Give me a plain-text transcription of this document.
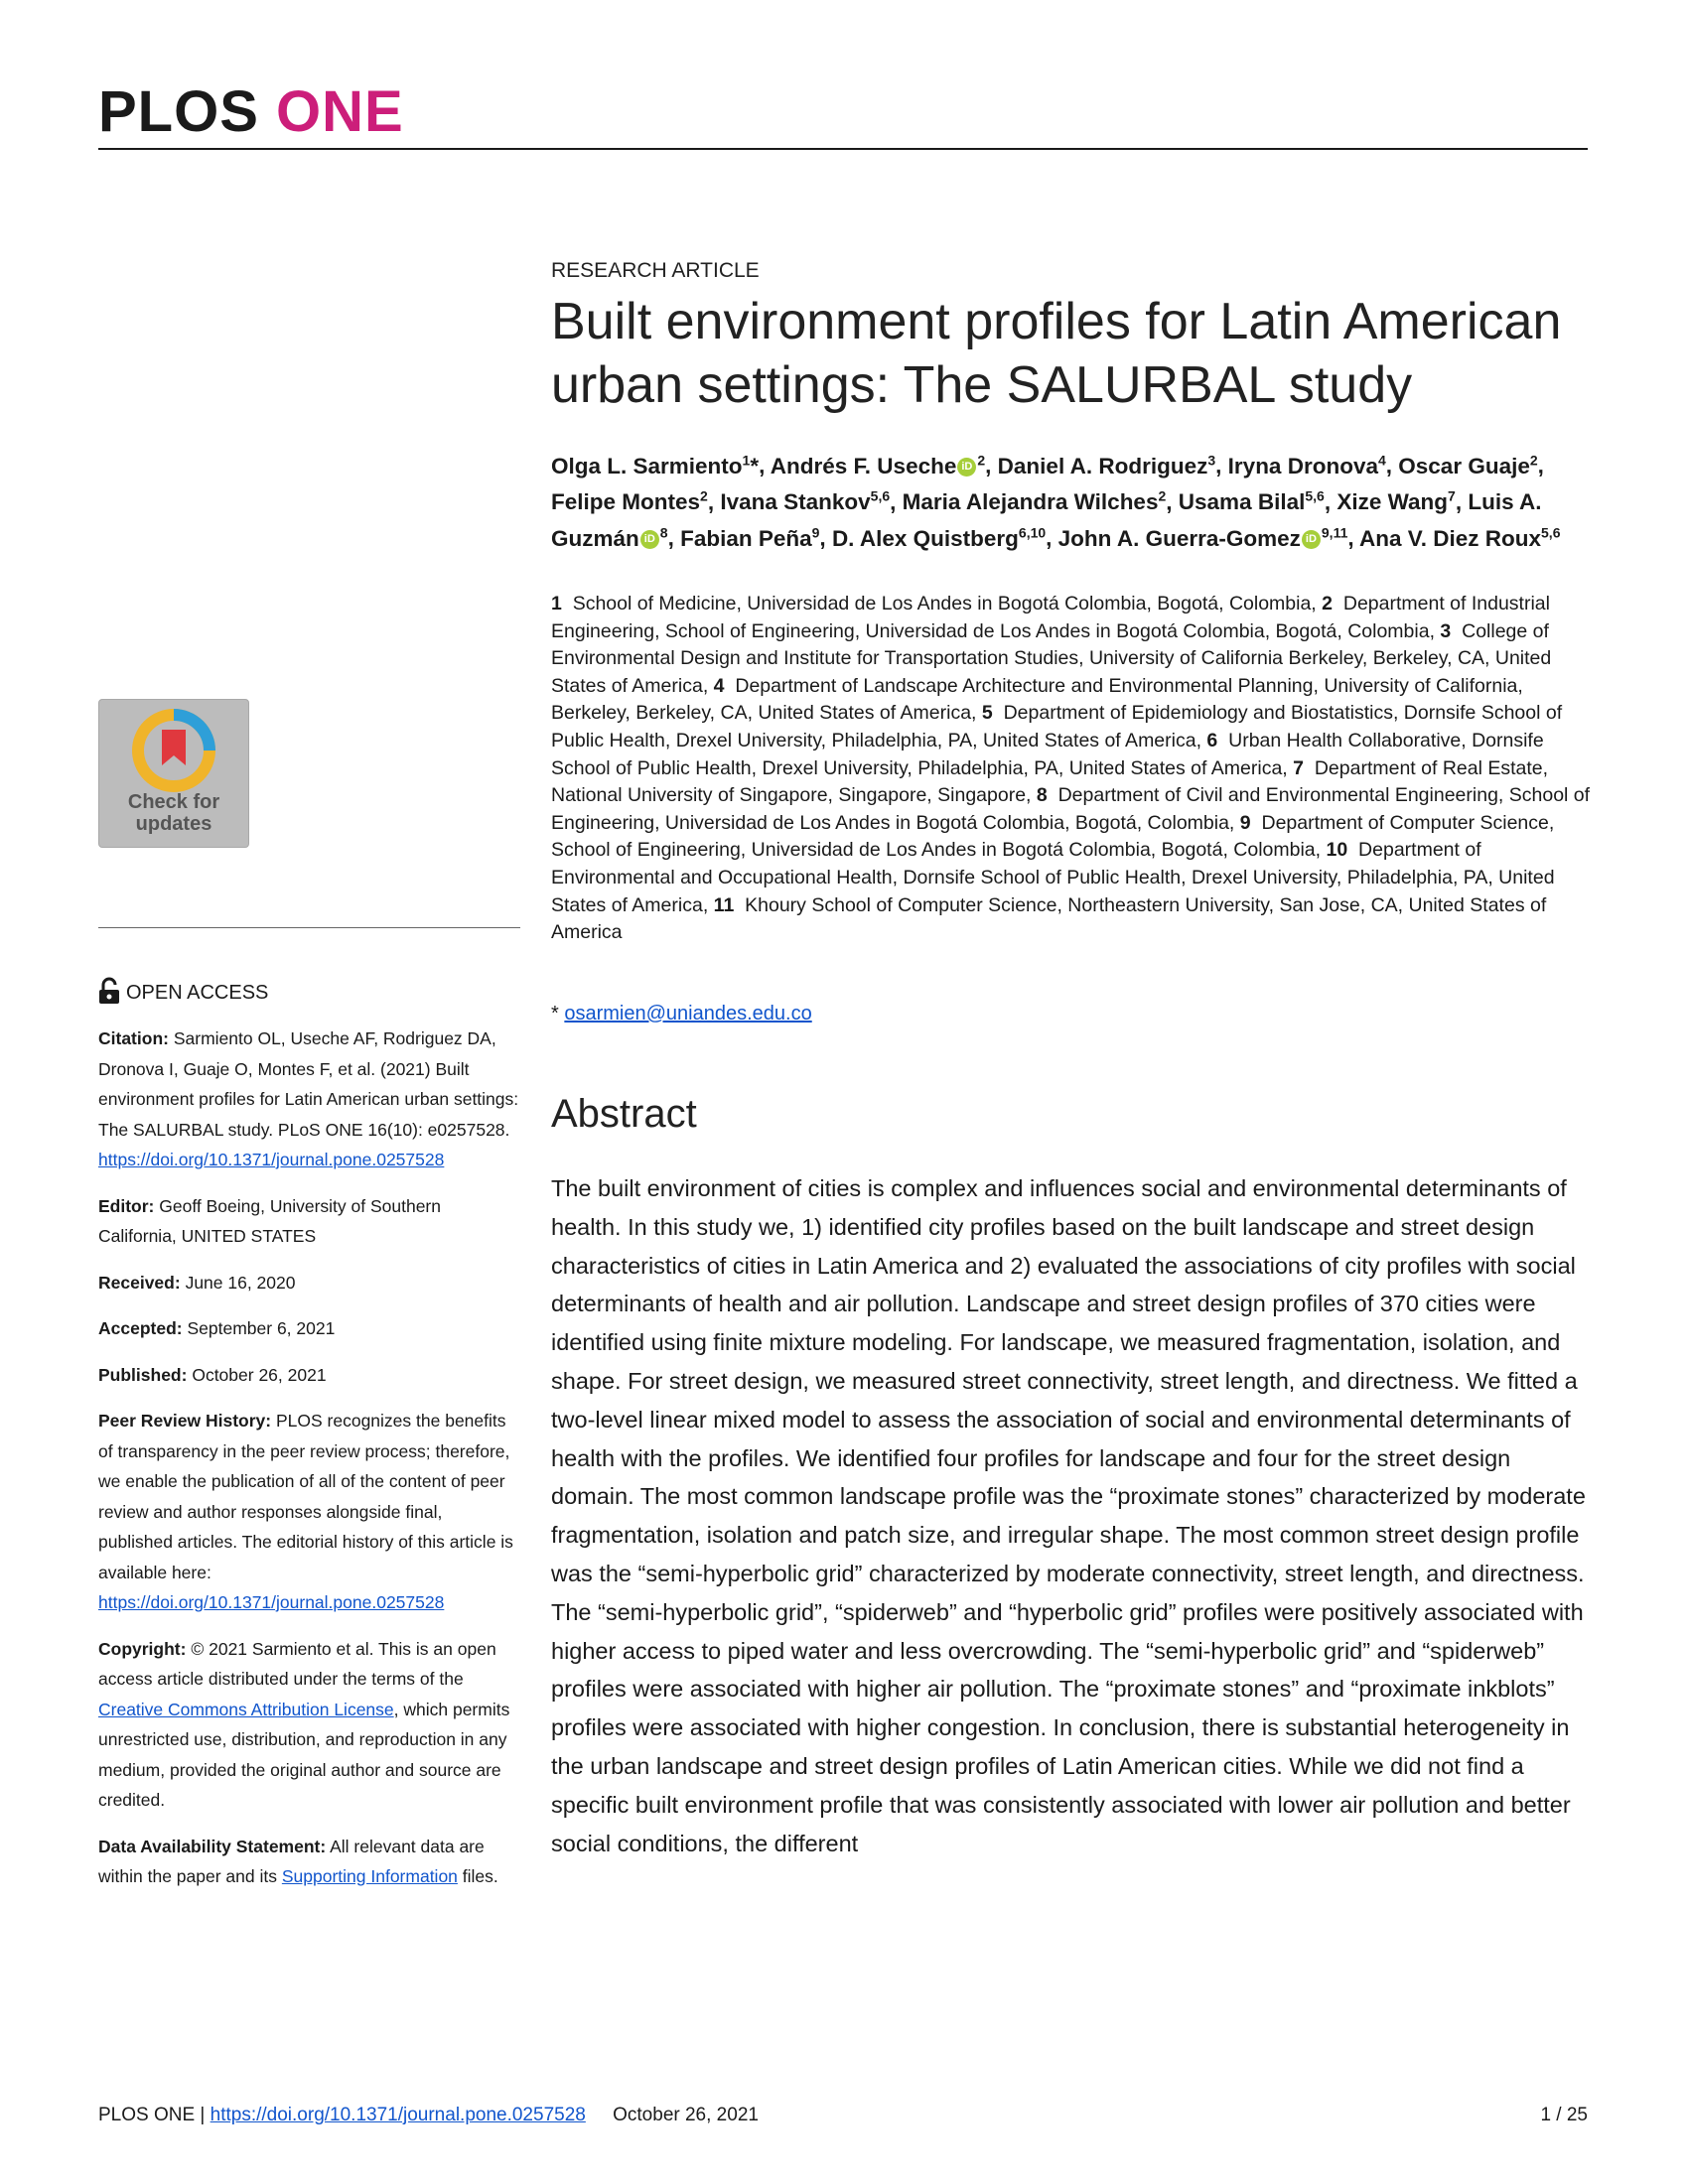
PLOS ONE
RESEARCH ARTICLE
Built environment profiles for Latin American urban settings: The SALURBAL study
Olga L. Sarmiento$^1$*, Andrés F. Useche iD $^2$, Daniel A. Rodriguez$^3$, Iryna Dronova$^4$, Oscar Guaje$^2$, Felipe Montes$^2$, Ivana Stankov$^{5,6}$, Maria Alejandra Wilches$^2$, Usama Bilal$^{5,6}$, Xize Wang$^7$, Luis A. Guzmán iD $^8$, Fabian Peña$^9$, D. Alex Quistberg$^{6,10}$, John A. Guerra-Gomez iD $^{9,11}$, Ana V. Diez Roux$^{5,6}$
1 School of Medicine, Universidad de Los Andes in Bogotá Colombia, Bogotá, Colombia, 2 Department of Industrial Engineering, School of Engineering, Universidad de Los Andes in Bogotá Colombia, Bogotá, Colombia, 3 College of Environmental Design and Institute for Transportation Studies, University of California Berkeley, Berkeley, CA, United States of America, 4 Department of Landscape Architecture and Environmental Planning, University of California, Berkeley, Berkeley, CA, United States of America, 5 Department of Epidemiology and Biostatistics, Dornsife School of Public Health, Drexel University, Philadelphia, PA, United States of America, 6 Urban Health Collaborative, Dornsife School of Public Health, Drexel University, Philadelphia, PA, United States of America, 7 Department of Real Estate, National University of Singapore, Singapore, Singapore, 8 Department of Civil and Environmental Engineering, School of Engineering, Universidad de Los Andes in Bogotá Colombia, Bogotá, Colombia, 9 Department of Computer Science, School of Engineering, Universidad de Los Andes in Bogotá Colombia, Bogotá, Colombia, 10 Department of Environmental and Occupational Health, Dornsife School of Public Health, Drexel University, Philadelphia, PA, United States of America, 11 Khoury School of Computer Science, Northeastern University, San Jose, CA, United States of America
* osarmien@uniandes.edu.co
Abstract

The built environment of cities is complex and influences social and environmental determinants of health. In this study we, 1) identified city profiles based on the built landscape and street design characteristics of cities in Latin America and 2) evaluated the associations of city profiles with social determinants of health and air pollution. Landscape and street design profiles of 370 cities were identified using finite mixture modeling. For landscape, we measured fragmentation, isolation, and shape. For street design, we measured street connectivity, street length, and directness. We fitted a two-level linear mixed model to assess the association of social and environmental determinants of health with the profiles. We identified four profiles for landscape and four for the street design domain. The most common landscape profile was the “proximate stones” characterized by moderate fragmentation, isolation and patch size, and irregular shape. The most common street design profile was the “semi-hyperbolic grid” characterized by moderate connectivity, street length, and directness. The “semi-hyperbolic grid”, “spiderweb” and “hyperbolic grid” profiles were positively associated with higher access to piped water and less overcrowding. The “semi-hyperbolic grid” and “spiderweb” profiles were associated with higher air pollution. The “proximate stones” and “proximate inkblots” profiles were associated with higher congestion. In conclusion, there is substantial heterogeneity in the urban landscape and street design profiles of Latin American cities. While we did not find a specific built environment profile that was consistently associated with lower air pollution and better social conditions, the different

Check for
updates
OPEN ACCESS

Citation: Sarmiento OL, Useche AF, Rodriguez DA, Dronova I, Guaje O, Montes F, et al. (2021) Built environment profiles for Latin American urban settings: The SALURBAL study. PLoS ONE 16(10): e0257528. https://doi.org/10.1371/journal.pone.0257528

Editor: Geoff Boeing, University of Southern California, UNITED STATES

Received: June 16, 2020

Accepted: September 6, 2021

Published: October 26, 2021

Peer Review History: PLOS recognizes the benefits of transparency in the peer review process; therefore, we enable the publication of all of the content of peer review and author responses alongside final, published articles. The editorial history of this article is available here: https://doi.org/10.1371/journal.pone.0257528

Copyright: © 2021 Sarmiento et al. This is an open access article distributed under the terms of the Creative Commons Attribution License, which permits unrestricted use, distribution, and reproduction in any medium, provided the original author and source are credited.

Data Availability Statement: All relevant data are within the paper and its Supporting Information files.

PLOS ONE | https://doi.org/10.1371/journal.pone.0257528 October 26, 2021	1 / 25
